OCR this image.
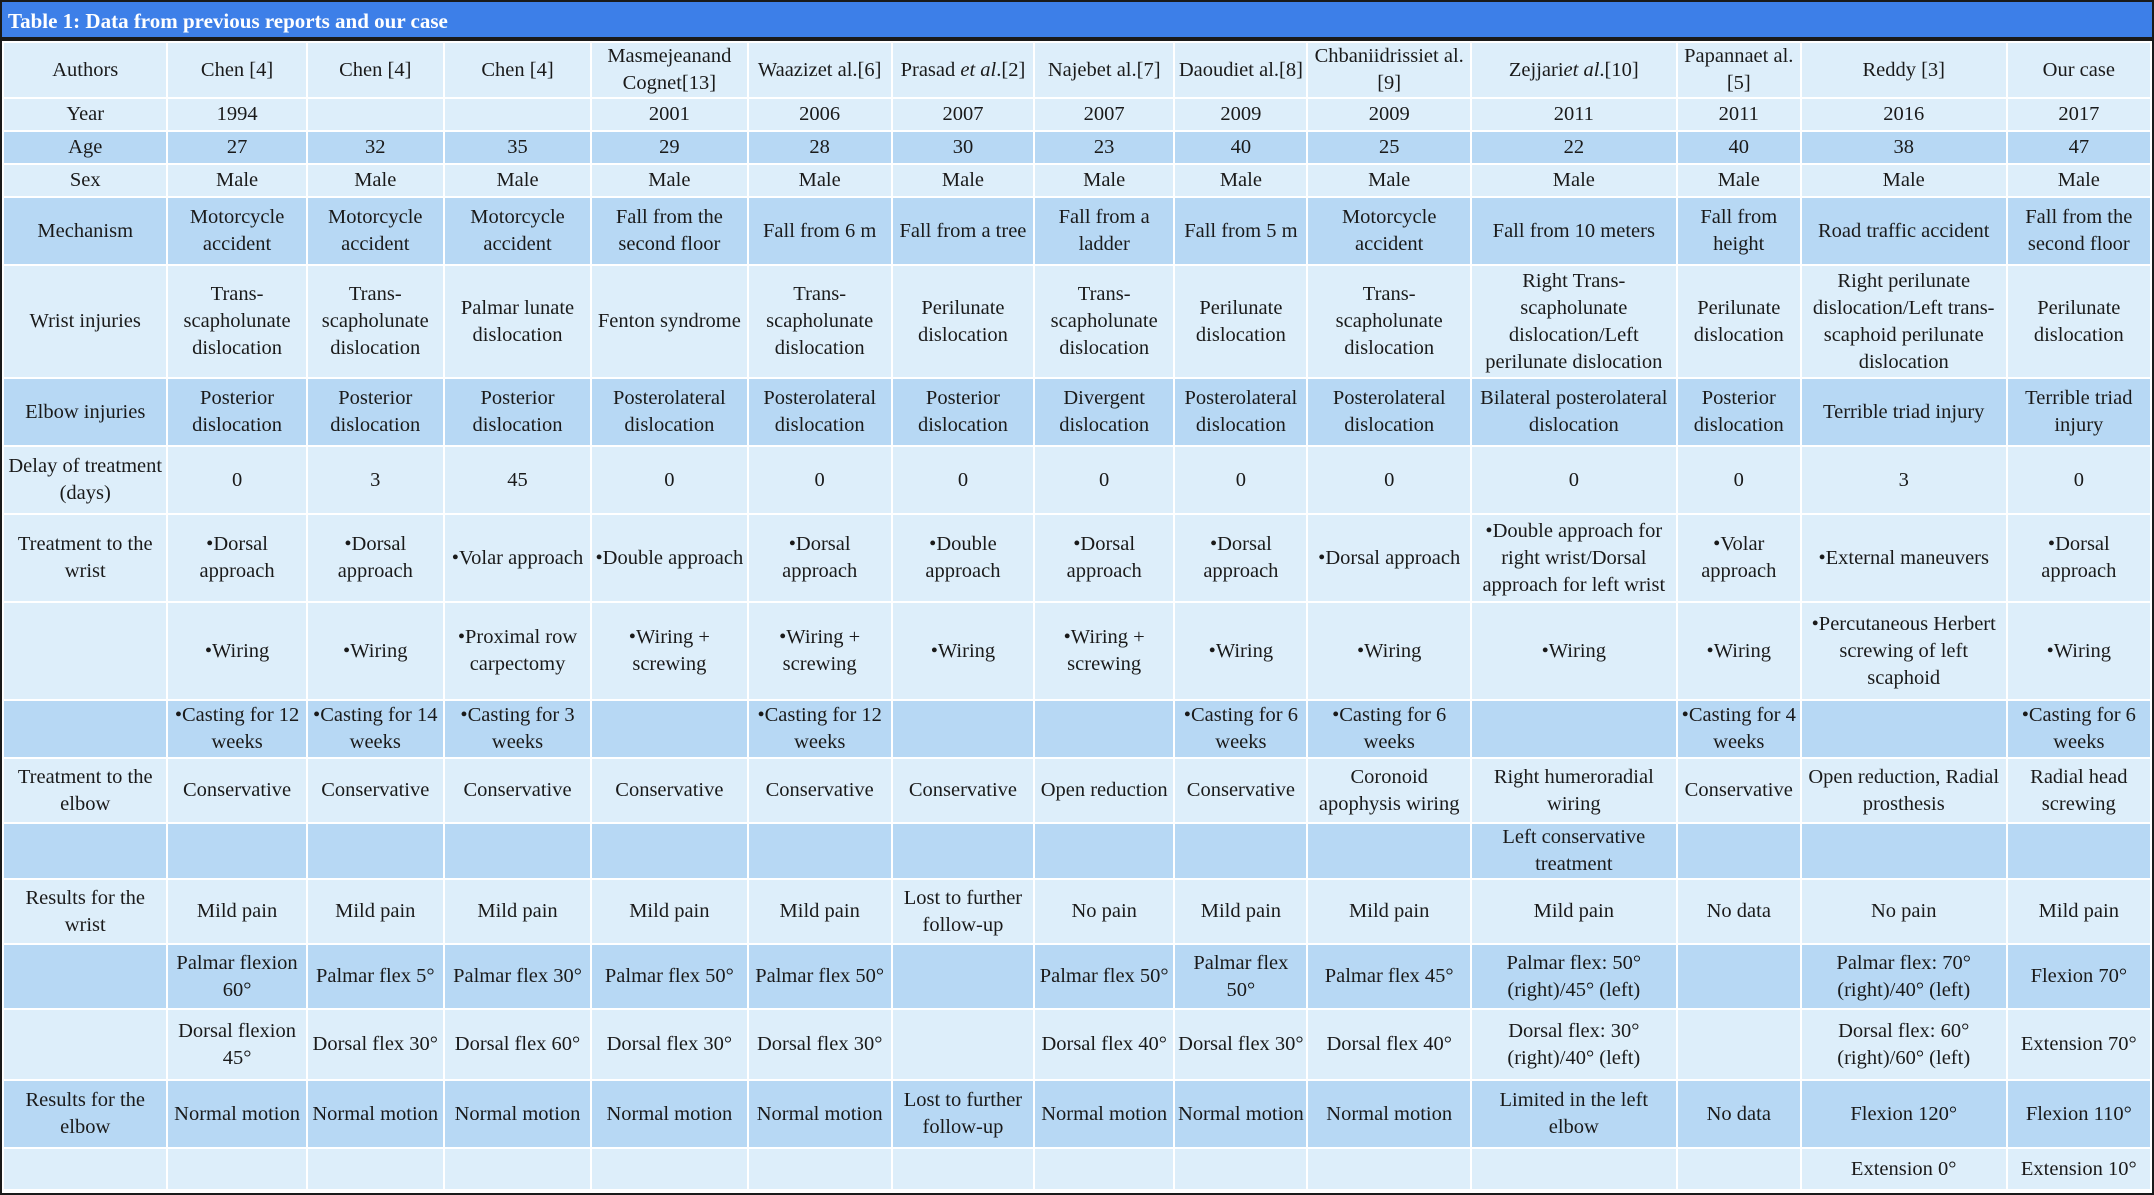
Table 1: Data from previous reports and our case
Authors	Chen [4]	Chen [4]	Chen [4]	Masmejeanand Cognet[13]	Waazizet al.[6]	Prasad et al.[2]	Najebet al.[7]	Daoudiet al.[8]	Chbaniidrissiet al.[9]	Zejjariet al.[10]	Papannaet al.[5]	Reddy [3]	Our case
Year	1994			2001	2006	2007	2007	2009	2009	2011	2011	2016	2017
Age	27	32	35	29	28	30	23	40	25	22	40	38	47
Sex	Male	Male	Male	Male	Male	Male	Male	Male	Male	Male	Male	Male	Male
Mechanism	Motorcycle accident	Motorcycle accident	Motorcycle accident	Fall from the second floor	Fall from 6 m	Fall from a tree	Fall from a ladder	Fall from 5 m	Motorcycle accident	Fall from 10 meters	Fall from height	Road traffic accident	Fall from the second floor
Wrist injuries	Trans-scapholunate dislocation	Trans-scapholunate dislocation	Palmar lunate dislocation	Fenton syndrome	Trans-scapholunate dislocation	Perilunate dislocation	Trans-scapholunate dislocation	Perilunate dislocation	Trans-scapholunate dislocation	Right Trans-scapholunate dislocation/Left perilunate dislocation	Perilunate dislocation	Right perilunate dislocation/Left trans-scaphoid perilunate dislocation	Perilunate dislocation
Elbow injuries	Posterior dislocation	Posterior dislocation	Posterior dislocation	Posterolateral dislocation	Posterolateral dislocation	Posterior dislocation	Divergent dislocation	Posterolateral dislocation	Posterolateral dislocation	Bilateral posterolateral dislocation	Posterior dislocation	Terrible triad injury	Terrible triad injury
Delay of treatment (days)	0	3	45	0	0	0	0	0	0	0	0	3	0
Treatment to the wrist	•Dorsal approach	•Dorsal approach	•Volar approach	•Double approach	•Dorsal approach	•Double approach	•Dorsal approach	•Dorsal approach	•Dorsal approach	•Double approach for right wrist/Dorsal approach for left wrist	•Volar approach	•External maneuvers	•Dorsal approach
	•Wiring	•Wiring	•Proximal row carpectomy	•Wiring + screwing	•Wiring + screwing	•Wiring	•Wiring + screwing	•Wiring	•Wiring	•Wiring	•Wiring	•Percutaneous Herbert screwing of left scaphoid	•Wiring
	•Casting for 12 weeks	•Casting for 14 weeks	•Casting for 3 weeks		•Casting for 12 weeks			•Casting for 6 weeks	•Casting for 6 weeks		•Casting for 4 weeks		•Casting for 6 weeks
Treatment to the elbow	Conservative	Conservative	Conservative	Conservative	Conservative	Conservative	Open reduction	Conservative	Coronoid apophysis wiring	Right humeroradial wiring	Conservative	Open reduction, Radial prosthesis	Radial head screwing
										Left conservative treatment			
Results for the wrist	Mild pain	Mild pain	Mild pain	Mild pain	Mild pain	Lost to further follow-up	No pain	Mild pain	Mild pain	Mild pain	No data	No pain	Mild pain
	Palmar flexion 60°	Palmar flex 5°	Palmar flex 30°	Palmar flex 50°	Palmar flex 50°		Palmar flex 50°	Palmar flex 50°	Palmar flex 45°	Palmar flex: 50° (right)/45° (left)		Palmar flex: 70° (right)/40° (left)	Flexion 70°
	Dorsal flexion 45°	Dorsal flex 30°	Dorsal flex 60°	Dorsal flex 30°	Dorsal flex 30°		Dorsal flex 40°	Dorsal flex 30°	Dorsal flex 40°	Dorsal flex: 30° (right)/40° (left)		Dorsal flex: 60° (right)/60° (left)	Extension 70°
Results for the elbow	Normal motion	Normal motion	Normal motion	Normal motion	Normal motion	Lost to further follow-up	Normal motion	Normal motion	Normal motion	Limited in the left elbow	No data	Flexion 120°	Flexion 110°
												Extension 0°	Extension 10°
